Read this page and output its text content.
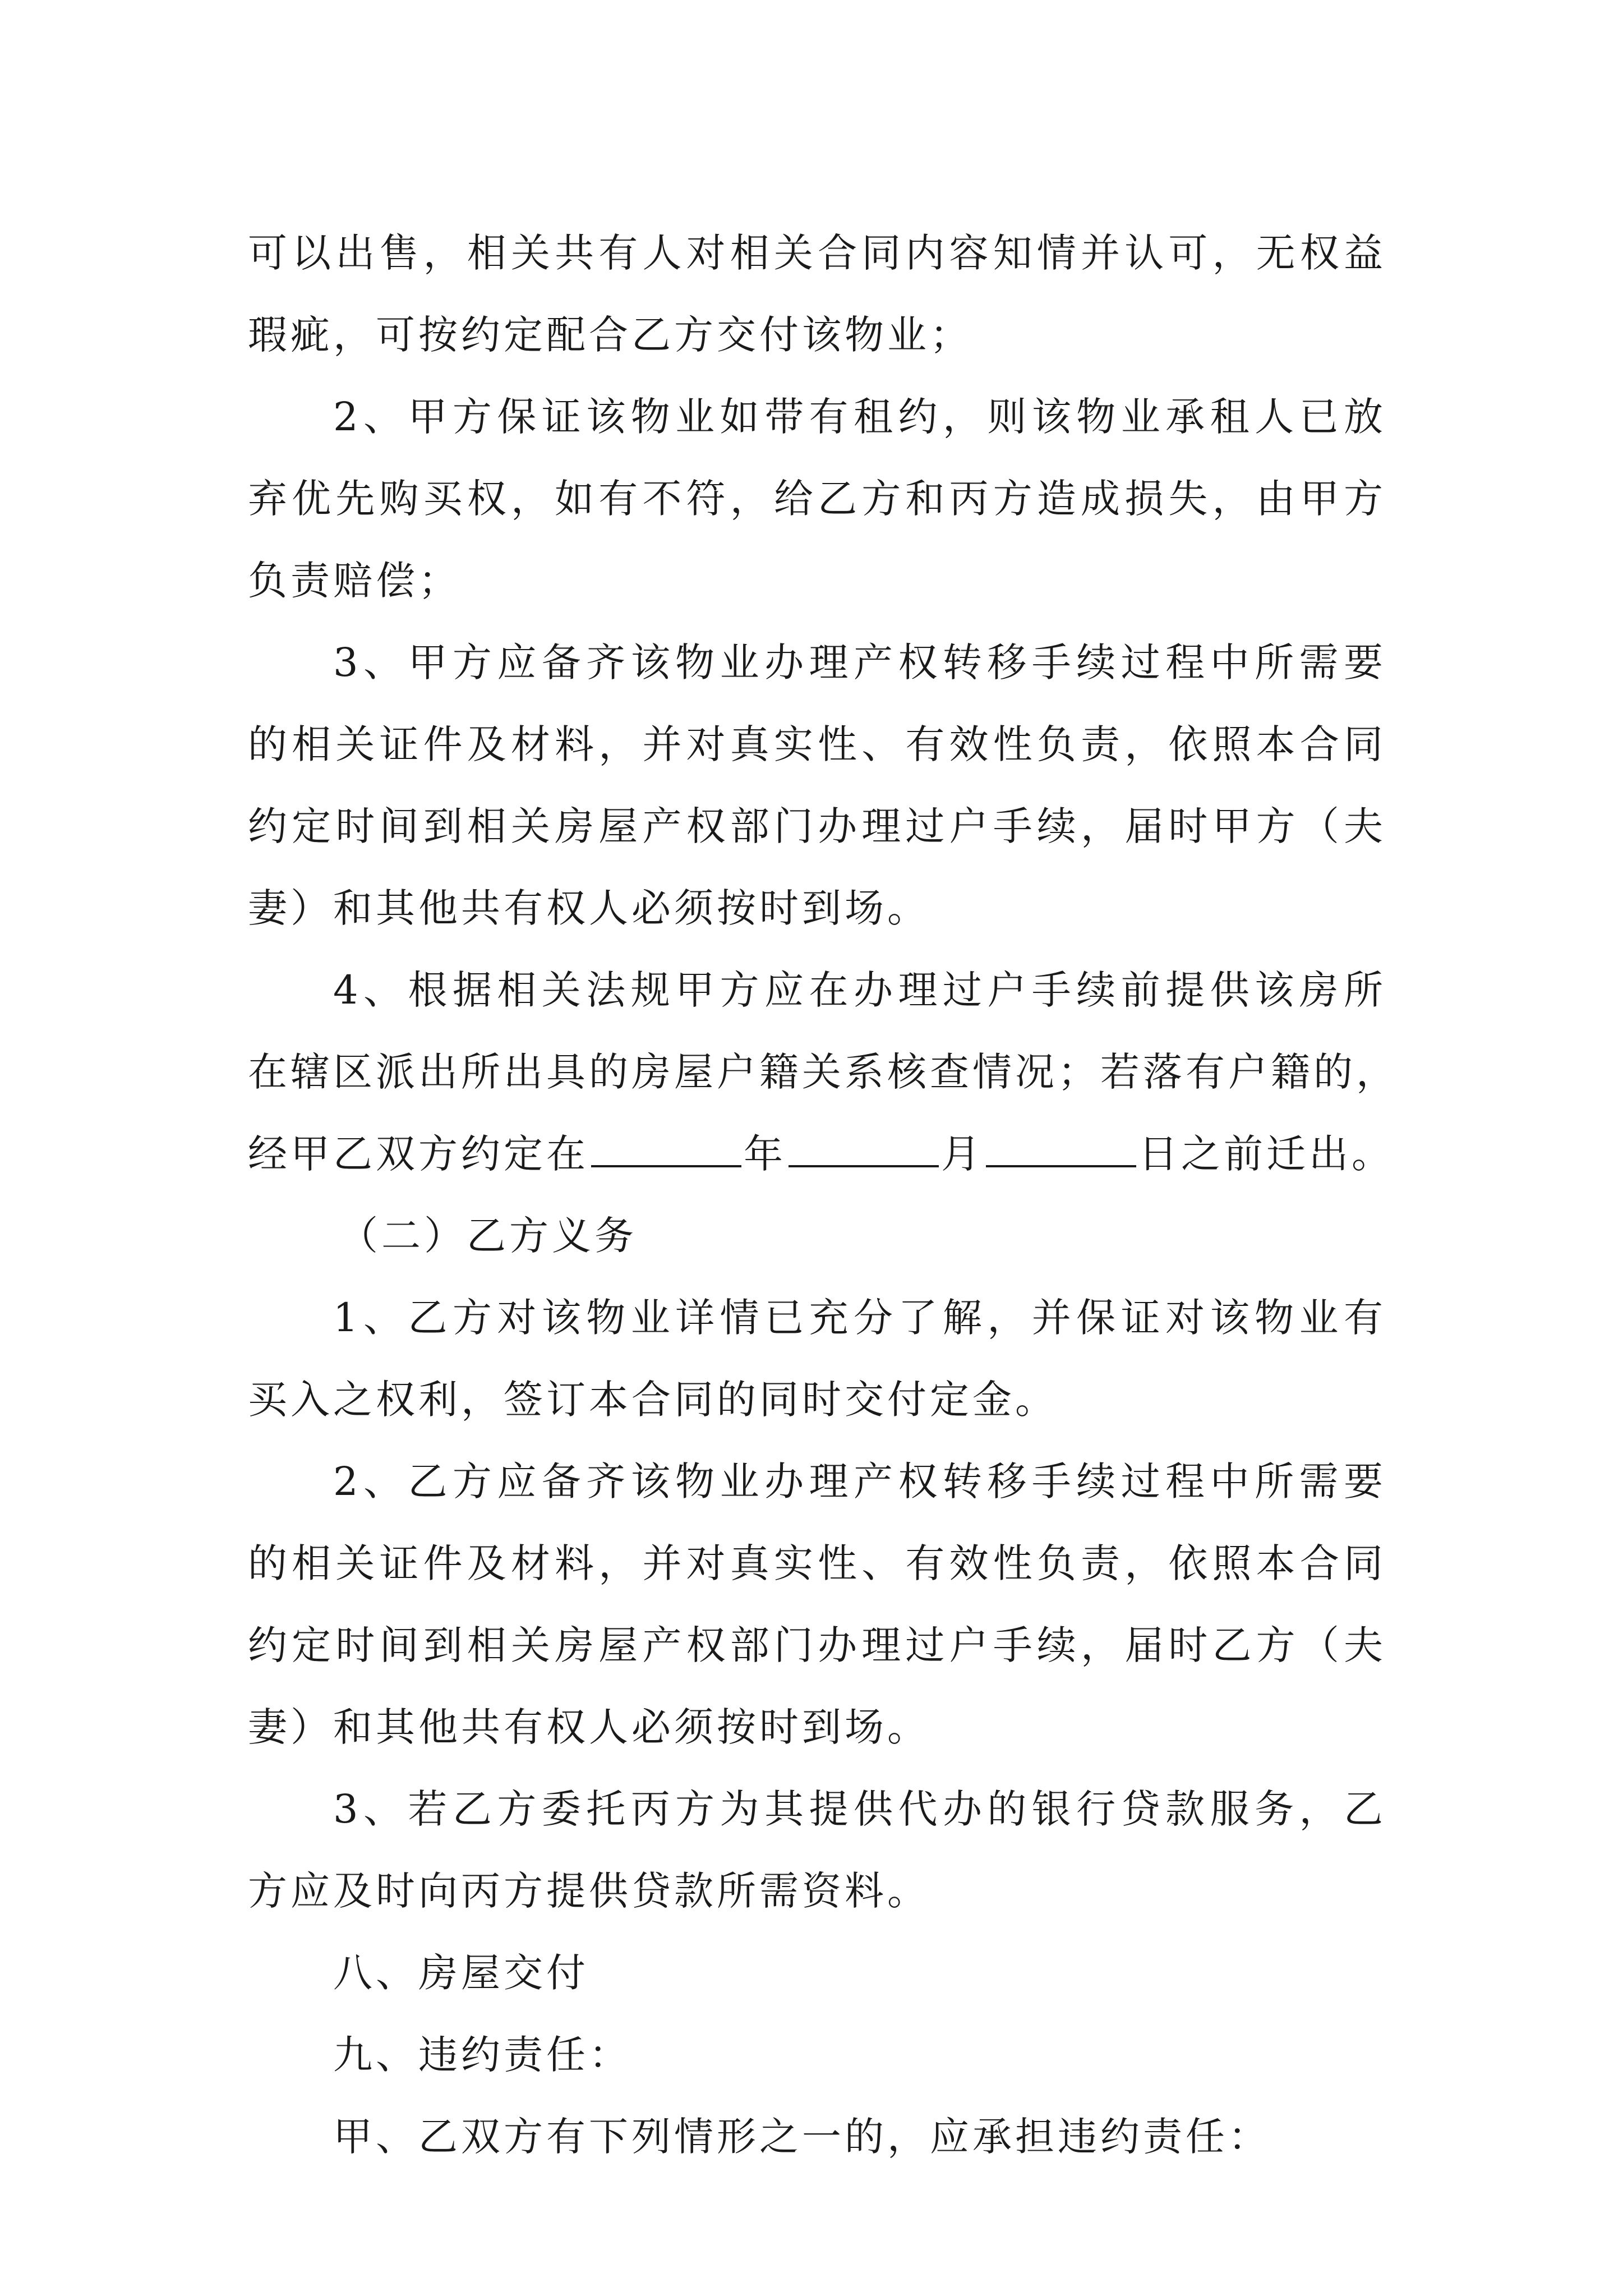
可以出售，相关共有人对相关合同内容知情并认可，无权益
瑕疵，可按约定配合乙方交付该物业；
2、甲方保证该物业如带有租约，则该物业承租人已放
弃优先购买权，如有不符，给乙方和丙方造成损失，由甲方
负责赔偿；
3、甲方应备齐该物业办理产权转移手续过程中所需要
的相关证件及材料，并对真实性、有效性负责，依照本合同
约定时间到相关房屋产权部门办理过户手续，届时甲方（夫
妻）和其他共有权人必须按时到场。
4、根据相关法规甲方应在办理过户手续前提供该房所
在辖区派出所出具的房屋户籍关系核查情况；若落有户籍的，
经甲乙双方约定在	年	月	日之前迁出。
（二）乙方义务
1、乙方对该物业详情已充分了解，并保证对该物业有
买入之权利，签订本合同的同时交付定金。
2、乙方应备齐该物业办理产权转移手续过程中所需要
的相关证件及材料，并对真实性、有效性负责，依照本合同
约定时间到相关房屋产权部门办理过户手续，届时乙方（夫
妻）和其他共有权人必须按时到场。
3、若乙方委托丙方为其提供代办的银行贷款服务，乙
方应及时向丙方提供贷款所需资料。
八、房屋交付
九、违约责任：
甲、乙双方有下列情形之一的，应承担违约责任：
